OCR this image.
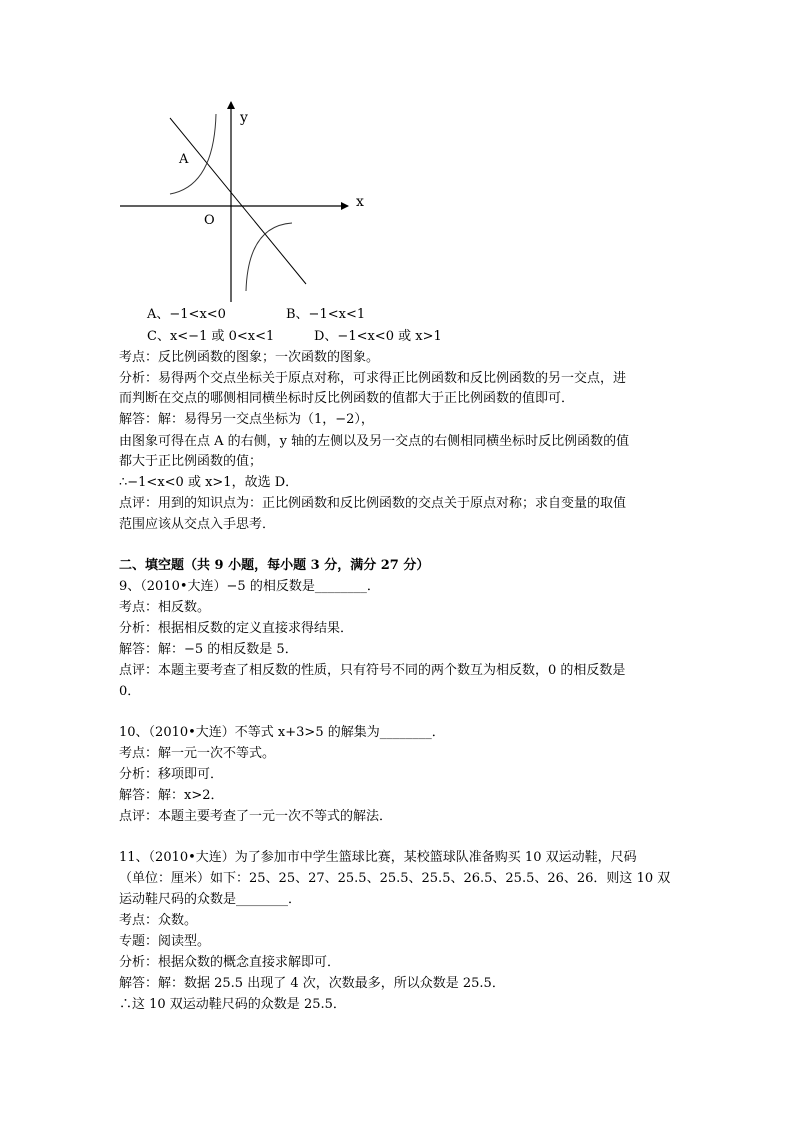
y
x
O
A
A、−1<x<0	B、−1<x<1
C、x<−1 或 0<x<1	D、−1<x<0 或 x>1
考点：反比例函数的图象；一次函数的图象。
分析：易得两个交点坐标关于原点对称，可求得正比例函数和反比例函数的另一交点，进
而判断在交点的哪侧相同横坐标时反比例函数的值都大于正比例函数的值即可．
解答：解：易得另一交点坐标为（1，−2），
由图象可得在点 A 的右侧，y 轴的左侧以及另一交点的右侧相同横坐标时反比例函数的值
都大于正比例函数的值；
∴−1<x<0 或 x>1，故选 D．
点评：用到的知识点为：正比例函数和反比例函数的交点关于原点对称；求自变量的取值
范围应该从交点入手思考．
二、填空题（共 9 小题，每小题 3 分，满分 27 分）
9、（2010•大连）−5 的相反数是________．
考点：相反数。
分析：根据相反数的定义直接求得结果．
解答：解：−5 的相反数是 5．
点评：本题主要考查了相反数的性质，只有符号不同的两个数互为相反数，0 的相反数是
0．
10、（2010•大连）不等式 x+3>5 的解集为________．
考点：解一元一次不等式。
分析：移项即可．
解答：解：x>2．
点评：本题主要考查了一元一次不等式的解法．
11、（2010•大连）为了参加市中学生篮球比赛，某校篮球队准备购买 10 双运动鞋，尺码
（单位：厘米）如下：25、25、27、25.5、25.5、25.5、26.5、25.5、26、26．则这 10 双
运动鞋尺码的众数是________．
考点：众数。
专题：阅读型。
分析：根据众数的概念直接求解即可．
解答：解：数据 25.5 出现了 4 次，次数最多，所以众数是 25.5．
∴这 10 双运动鞋尺码的众数是 25.5．
